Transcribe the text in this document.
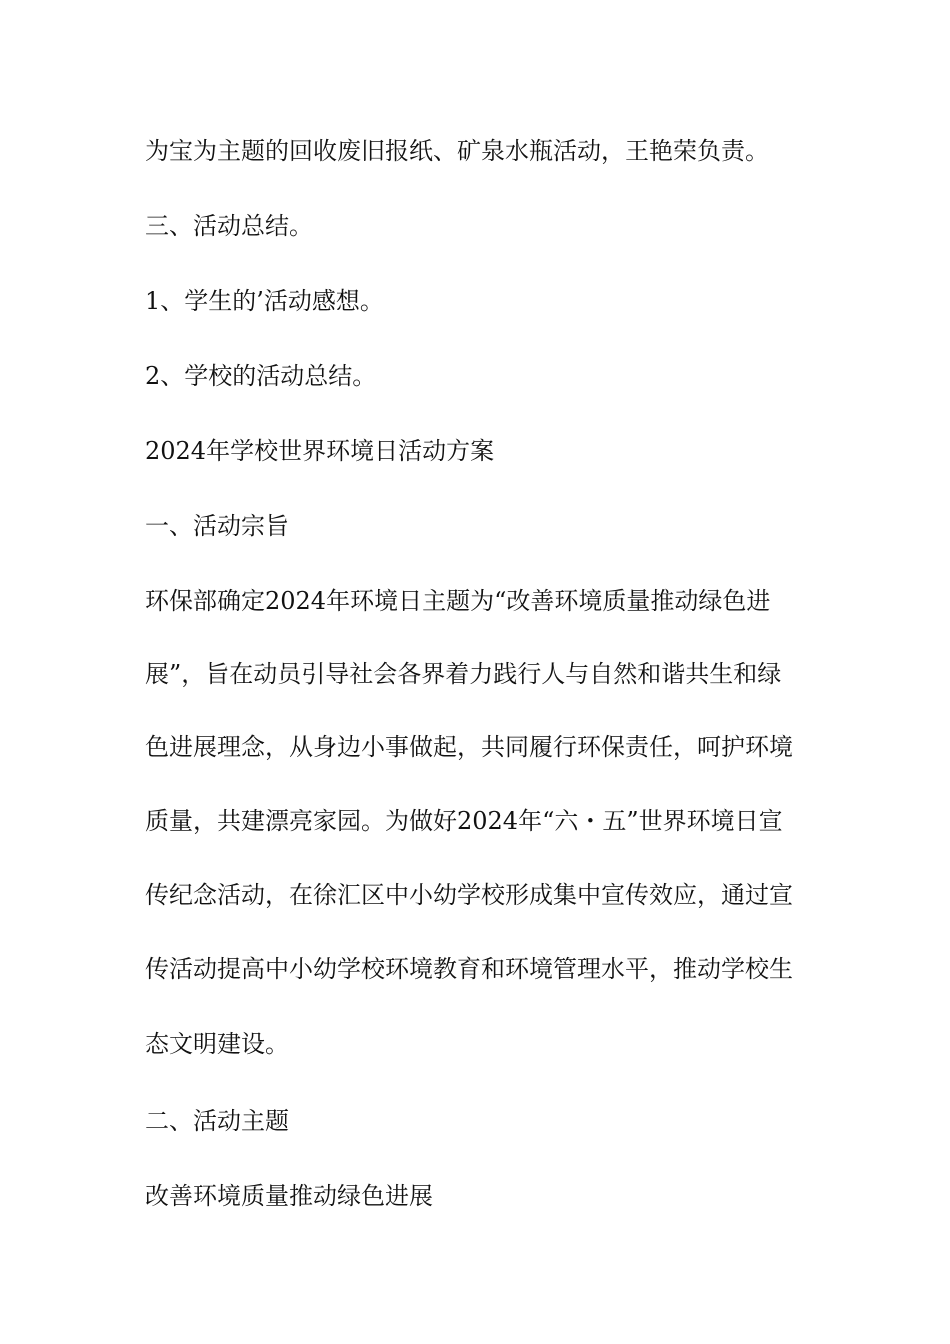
为宝为主题的回收废旧报纸、矿泉水瓶活动，王艳荣负责。
三、活动总结。
1、学生的’活动感想。
2、学校的活动总结。
2024年学校世界环境日活动方案
一、活动宗旨
环保部确定2024年环境日主题为“改善环境质量推动绿色进
展”，旨在动员引导社会各界着力践行人与自然和谐共生和绿
色进展理念，从身边小事做起，共同履行环保责任，呵护环境
质量，共建漂亮家园。为做好2024年“六・五”世界环境日宣
传纪念活动，在徐汇区中小幼学校形成集中宣传效应，通过宣
传活动提高中小幼学校环境教育和环境管理水平，推动学校生
态文明建设。
二、活动主题
改善环境质量推动绿色进展
